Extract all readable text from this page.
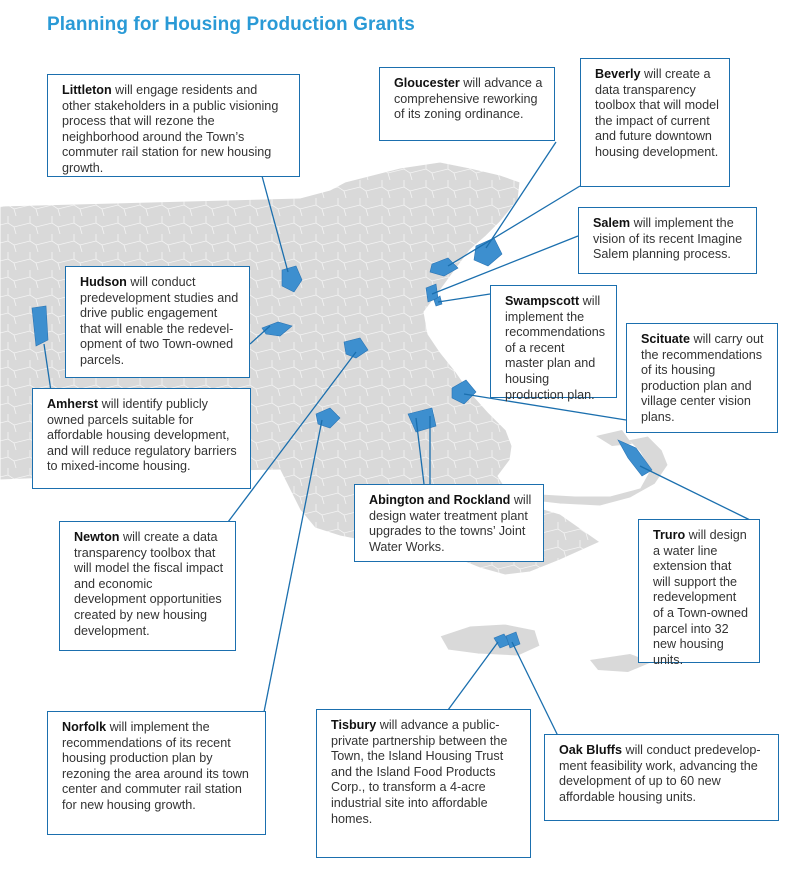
Planning for Housing Production Grants
Littleton will engage residents and other stakeholders in a public visioning process that will rezone the neighborhood around the Town’s commuter rail station for new housing growth.
Gloucester will advance a comprehensive reworking of its zoning ordinance.
Beverly will create a data transparency toolbox that will model the impact of current and future downtown housing development.
Salem will implement the vision of its recent Imagine Salem planning process.
Hudson will conduct predevelopment studies and drive public engagement that will enable the redevelopment of two Town-owned parcels.
Swampscott will implement the recommendations of a recent master plan and housing production plan.
Scituate will carry out the recommendations of its housing production plan and village center vision plans.
Amherst will identify publicly owned parcels suitable for affordable housing development, and will reduce regulatory barriers to mixed-income housing.
Abington and Rockland will design water treatment plant upgrades to the towns’ Joint Water Works.
Newton will create a data transparency toolbox that will model the fiscal impact and economic development opportunities created by new housing development.
Truro will design a water line extension that will support the redevelopment of a Town-owned parcel into 32 new housing units.
Norfolk will implement the recommendations of its recent housing production plan by rezoning the area around its town center and commuter rail station for new housing growth.
Tisbury will advance a public-private partnership between the Town, the Island Housing Trust and the Island Food Products Corp., to transform a 4-acre industrial site into affordable homes.
Oak Bluffs will conduct predevelopment feasibility work, advancing the development of up to 60 new affordable housing units.
